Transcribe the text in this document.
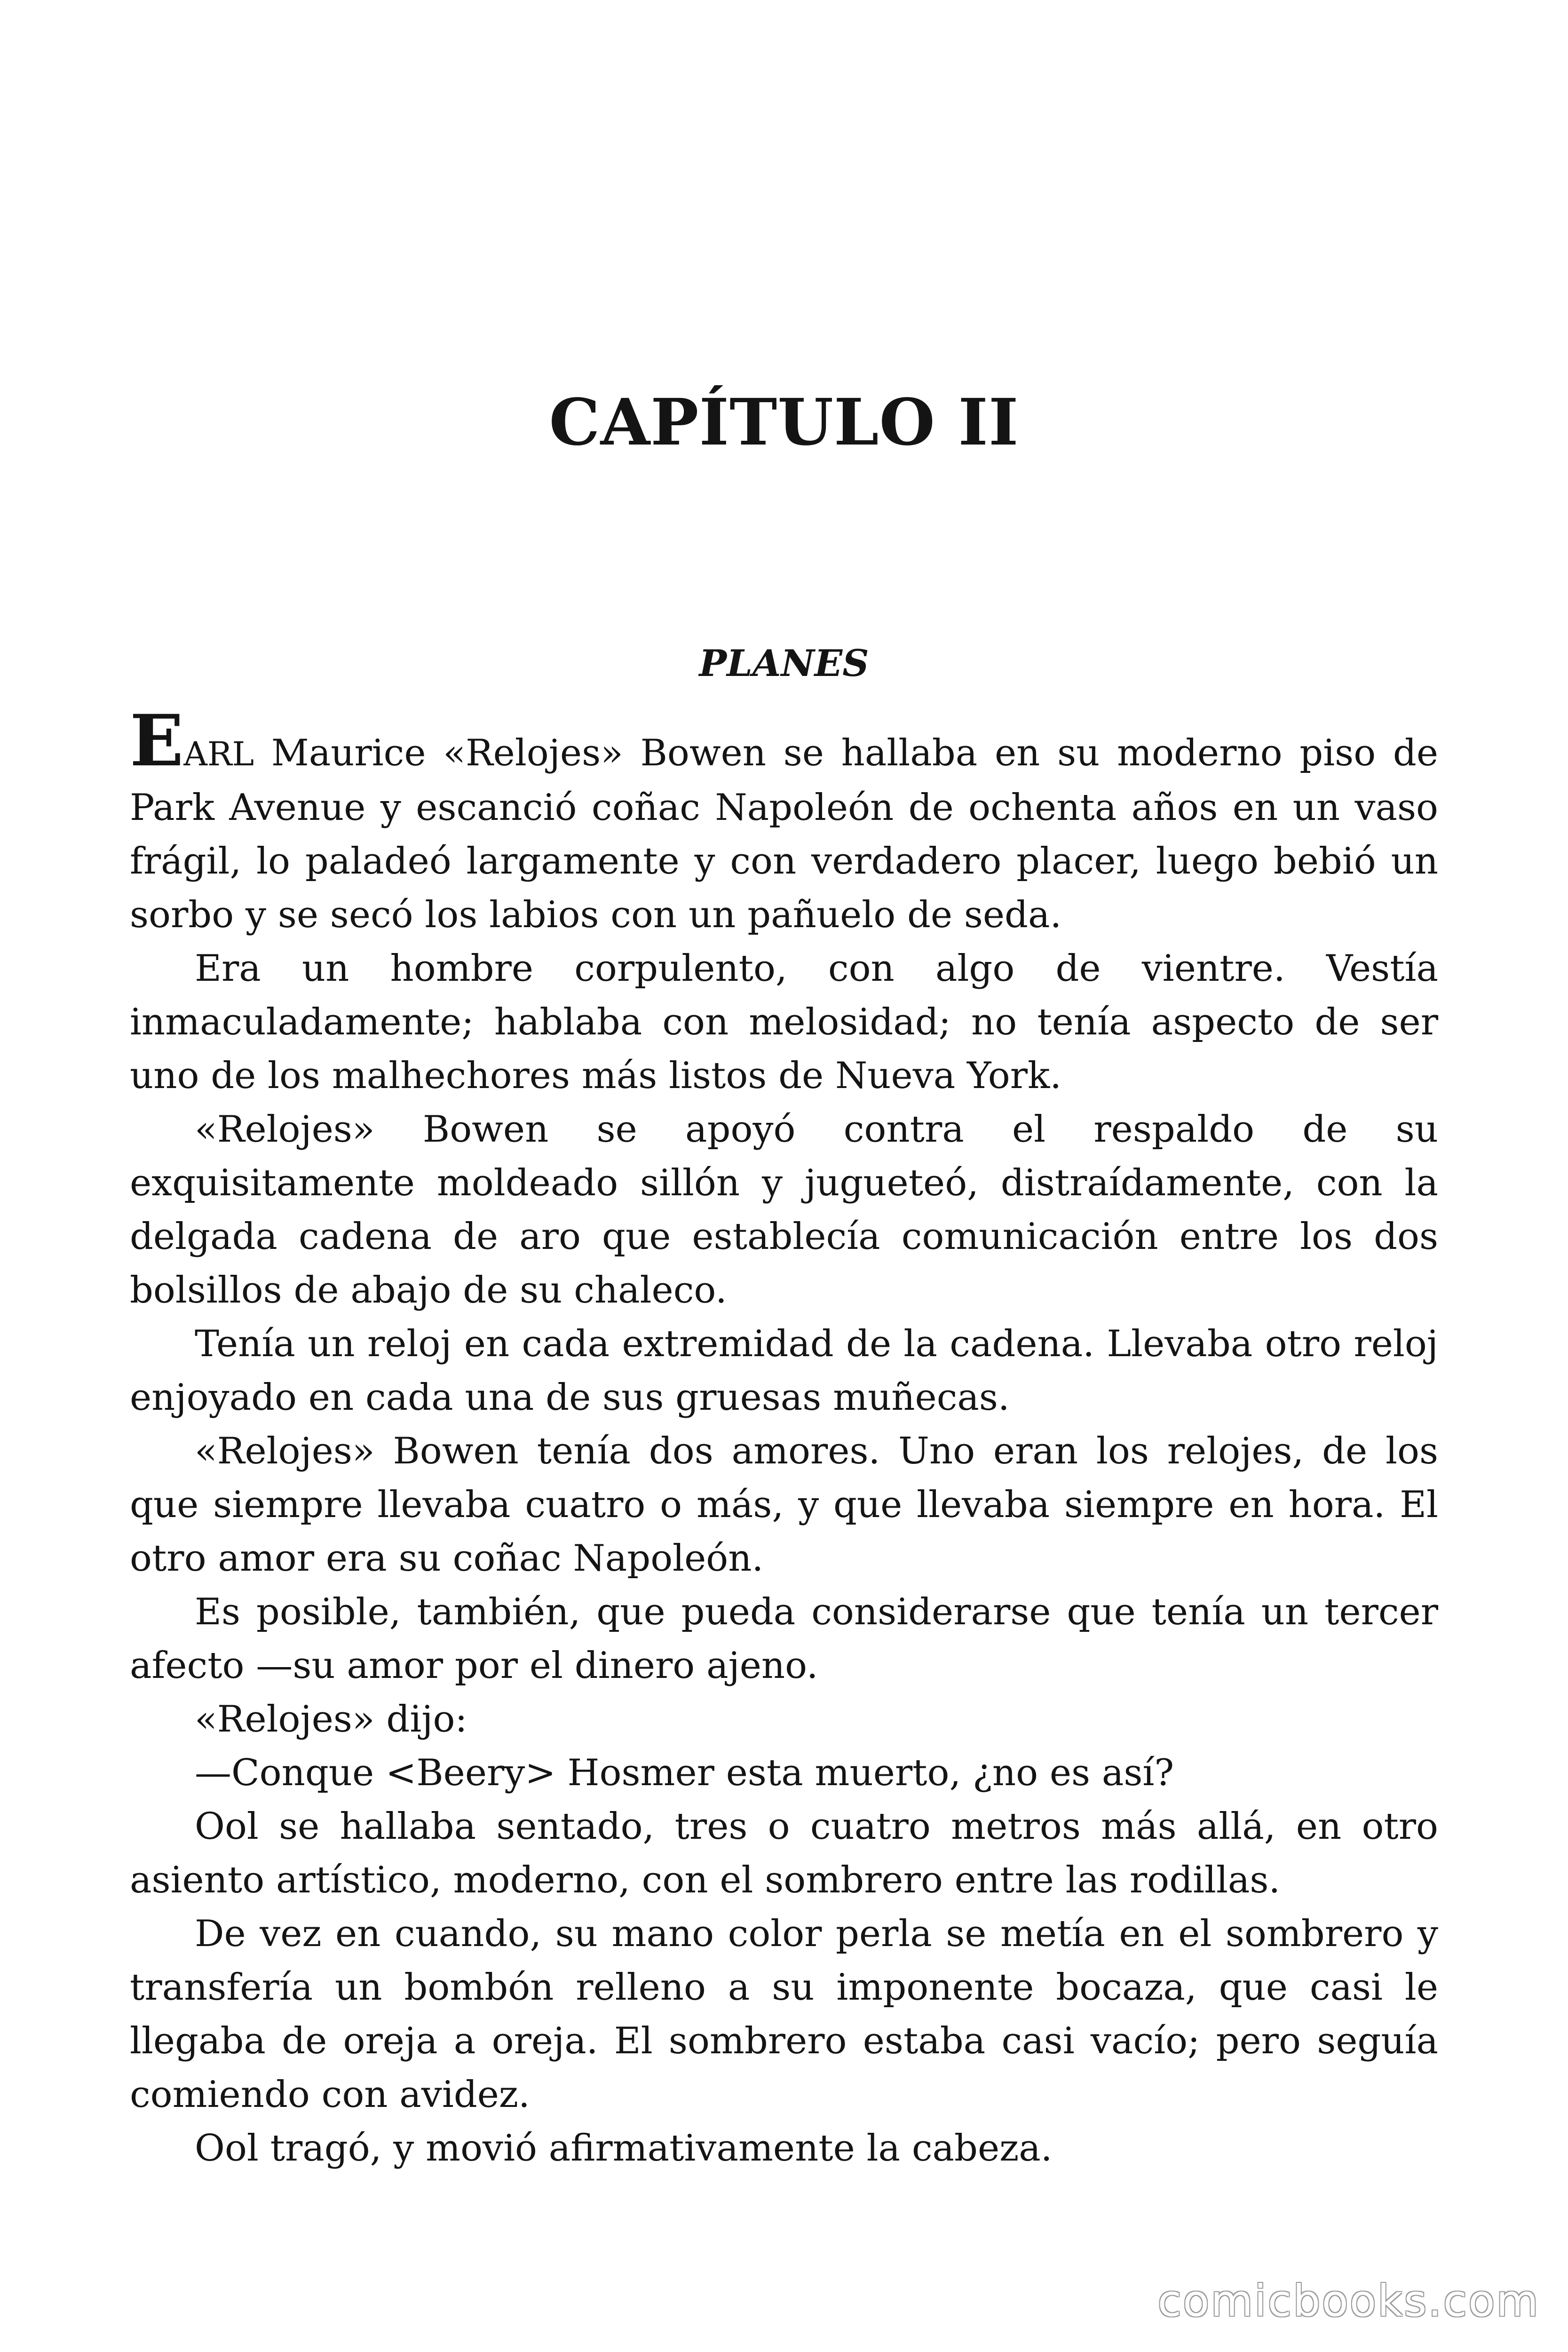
CAPÍTULO II
PLANES

EARL Maurice «Relojes» Bowen se hallaba en su moderno piso de Park Avenue y escanció coñac Napoleón de ochenta años en un vaso frágil, lo paladeó largamente y con verdadero placer, luego bebió un sorbo y se secó los labios con un pañuelo de seda.

Era un hombre corpulento, con algo de vientre. Vestía inmaculadamente; hablaba con melosidad; no tenía aspecto de ser uno de los malhechores más listos de Nueva York.

«Relojes» Bowen se apoyó contra el respaldo de su exquisitamente moldeado sillón y jugueteó, distraídamente, con la delgada cadena de aro que establecía comunicación entre los dos bolsillos de abajo de su chaleco.

Tenía un reloj en cada extremidad de la cadena. Llevaba otro reloj enjoyado en cada una de sus gruesas muñecas.

«Relojes» Bowen tenía dos amores. Uno eran los relojes, de los que siempre llevaba cuatro o más, y que llevaba siempre en hora. El otro amor era su coñac Napoleón.

Es posible, también, que pueda considerarse que tenía un tercer afecto —su amor por el dinero ajeno.

«Relojes» dijo:

—Conque <Beery> Hosmer esta muerto, ¿no es así?

Ool se hallaba sentado, tres o cuatro metros más allá, en otro asiento artístico, moderno, con el sombrero entre las rodillas.

De vez en cuando, su mano color perla se metía en el sombrero y transfería un bombón relleno a su imponente bocaza, que casi le llegaba de oreja a oreja. El sombrero estaba casi vacío; pero seguía comiendo con avidez.

Ool tragó, y movió afirmativamente la cabeza.

comicbooks.com
